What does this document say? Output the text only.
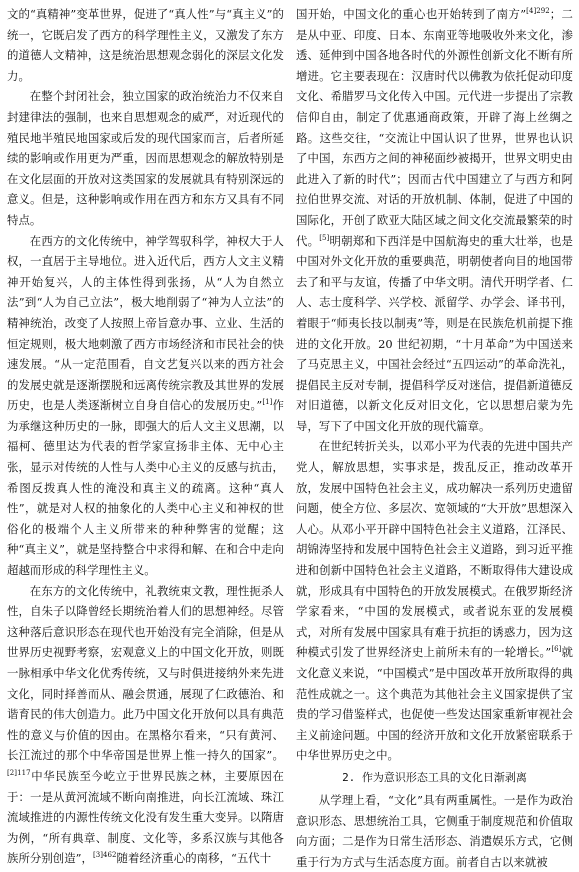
文的“真精神”变革世界，促进了“真人性”与“真主义”的统一，它既启发了西方的科学理性主义，又激发了东方的道德人文精神，这是统治思想观念弱化的深层文化发力。

在整个封闭社会，独立国家的政治统治力不仅来自封建律法的强制，也来自思想观念的威严，对近现代的殖民地半殖民地国家或后发的现代国家而言，后者所延续的影响或作用更为严重，因而思想观念的解放特别是在文化层面的开放对这类国家的发展就具有特别深远的意义。但是，这种影响或作用在西方和东方又具有不同特点。

在西方的文化传统中，神学驾驭科学，神权大于人权，一直居于主导地位。进入近代后，西方人文主义精神开始复兴，人的主体性得到张扬，从“人为自然立法”到“人为自己立法”，极大地削弱了“神为人立法”的精神统治，改变了人按照上帝旨意办事、立业、生活的恒定规则，极大地刺激了西方市场经济和市民社会的快速发展。“从一定范围看，自文艺复兴以来的西方社会的发展史就是逐渐摆脱和远离传统宗教及其世界的发展历史，也是人类逐渐树立自身自信心的发展历史。”[1]作为承继这种历史的一脉，即强大的后人文主义思潮，以福柯、德里达为代表的哲学家宣扬非主体、无中心主张，显示对传统的人性与人类中心主义的反感与抗击，希图反拨真人性的淹没和真主义的疏离。这种“真人性”，就是对人权的抽象化的人类中心主义和神权的世俗化的极端个人主义所带来的种种弊害的觉醒；这种“真主义”，就是坚持整合中求得和解、在和合中走向超越而形成的科学理性主义。

在东方的文化传统中，礼教统束文教，理性扼杀人性，自朱子以降曾经长期统治着人们的思想神经。尽管这种落后意识形态在现代也开始没有完全消除，但是从世界历史视野考察，宏观意义上的中国文化开放，则既一脉相承中华文化优秀传统，又与时俱进接纳外来先进文化，同时择善而从、融会贯通，展现了仁政德治、和谐育民的伟大创造力。此乃中国文化开放何以具有典范性的意义与价值的因由。在黑格尔看来，“只有黄河、长江流过的那个中华帝国是世界上惟一持久的国家”。$^{[2]117}$中华民族至今屹立于世界民族之林，主要原因在于：一是从黄河流域不断向南推进，向长江流域、珠江流域推进的内源性传统文化没有发生重大变异。以隋唐为例，“所有典章、制度、文化等，多系汉族与其他各族所分别创造”，$^{[3]462}$随着经济重心的南移，“五代十

国开始，中国文化的重心也开始转到了南方”$^{[4]292}$；二是从中亚、印度、日本、东南亚等地吸收外来文化，渗透、延伸到中国各地各时代的外源性创新文化不断有所增进。它主要表现在：汉唐时代以佛教为依托促动印度文化、希腊罗马文化传入中国。元代进一步提出了宗教信仰自由，制定了优惠通商政策，开辟了海上丝绸之路。这些交往，“交流让中国认识了世界，世界也认识了中国，东西方之间的神秘面纱被揭开，世界文明史由此进入了新的时代”；因而古代中国建立了与西方和阿拉伯世界交流、对话的开放机制、体制，促进了中国的国际化，开创了欧亚大陆区域之间文化交流最繁荣的时代。[5]明朝郑和下西洋是中国航海史的重大壮举，也是中国对外文化开放的重要典范，明朝使者向目的地国带去了和平与友谊，传播了中华文明。清代开明学者、仁人、志士度科学、兴学校、派留学、办学会、译书刊，着眼于“师夷长技以制夷”等，则是在民族危机前提下推进的文化开放。20 世纪初期，“十月革命”为中国送来了马克思主义，中国社会经过“五四运动”的革命洗礼，提倡民主反对专制，提倡科学反对迷信，提倡新道德反对旧道德，以新文化反对旧文化，它以思想启蒙为先导，写下了中国文化开放的现代篇章。

在世纪转折关头，以邓小平为代表的先进中国共产党人，解放思想，实事求是，拨乱反正，推动改革开放，发展中国特色社会主义，成功解决一系列历史遗留问题，使全方位、多层次、宽领域的“大开放”思想深入人心。从邓小平开辟中国特色社会主义道路，江泽民、胡锦涛坚持和发展中国特色社会主义道路，到习近平推进和创新中国特色社会主义道路，不断取得伟大建设成就，形成具有中国特色的开放发展模式。在俄罗斯经济学家看来，“中国的发展模式，或者说东亚的发展模式，对所有发展中国家具有难于抗拒的诱惑力，因为这种模式引发了世界经济史上前所未有的一轮增长。”[6]就文化意义来说，“中国模式”是中国改革开放所取得的典范性成就之一。这个典范为其他社会主义国家提供了宝贵的学习借鉴样式，也促使一些发达国家重新审视社会主义前途问题。中国的经济开放和文化开放紧密联系于中华世界历史之中。

2. 作为意识形态工具的文化日渐剥离

从学理上看，“文化”具有两重属性。一是作为政治意识形态、思想统治工具，它侧重于制度规范和价值取向方面；二是作为日常生活形态、消遣娱乐方式，它侧重于行为方式与生活态度方面。前者自古以来就被
